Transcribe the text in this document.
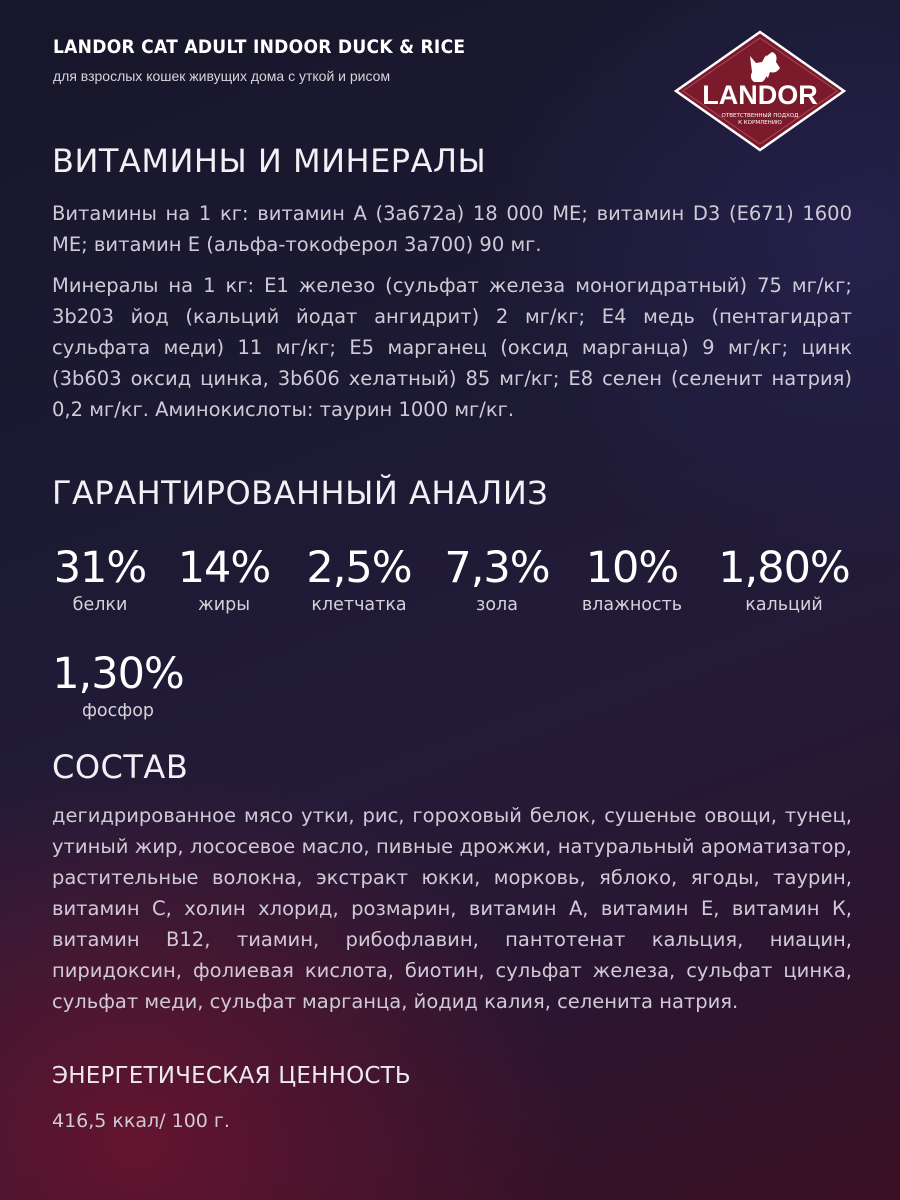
LANDOR CAT ADULT INDOOR DUCK & RICE
для взрослых кошек живущих дома с уткой и рисом
LANDOR
ОТВЕТСТВЕННЫЙ ПОДХОД
К КОРМЛЕНИЮ
ВИТАМИНЫ И МИНЕРАЛЫ

Витамины на 1 кг: витамин А (3а672а) 18 000 МЕ; витамин D3 (Е671) 1600 МЕ; витамин Е (альфа-токоферол 3а700) 90 мг.

Минералы на 1 кг: Е1 железо (сульфат железа моногидратный) 75 мг/кг; 3b203 йод (кальций йодат ангидрит) 2 мг/кг; Е4 медь (пентагидрат сульфата меди) 11 мг/кг; Е5 марганец (оксид марганца) 9 мг/кг; цинк (3b603 оксид цинка, 3b606 хелатный) 85 мг/кг; Е8 селен (селенит натрия) 0,2 мг/кг. Аминокислоты: таурин 1000 мг/кг.

ГАРАНТИРОВАННЫЙ АНАЛИЗ
31%
белки
14%
жиры
2,5%
клетчатка
7,3%
зола
10%
влажность
1,80%
кальций
1,30%
фосфор
СОСТАВ

дегидрированное мясо утки, рис, гороховый белок, сушеные овощи, тунец, утиный жир, лососевое масло, пивные дрожжи, натуральный ароматизатор, растительные волокна, экстракт юкки, морковь, яблоко, ягоды, таурин, витамин С, холин хлорид, розмарин, витамин А, витамин Е, витамин К, витамин В12, тиамин, рибофлавин, пантотенат кальция, ниацин, пиридоксин, фолиевая кислота, биотин, сульфат железа, сульфат цинка, сульфат меди, сульфат марганца, йодид калия, селенита натрия.

ЭНЕРГЕТИЧЕСКАЯ ЦЕННОСТЬ
416,5 ккал/ 100 г.
